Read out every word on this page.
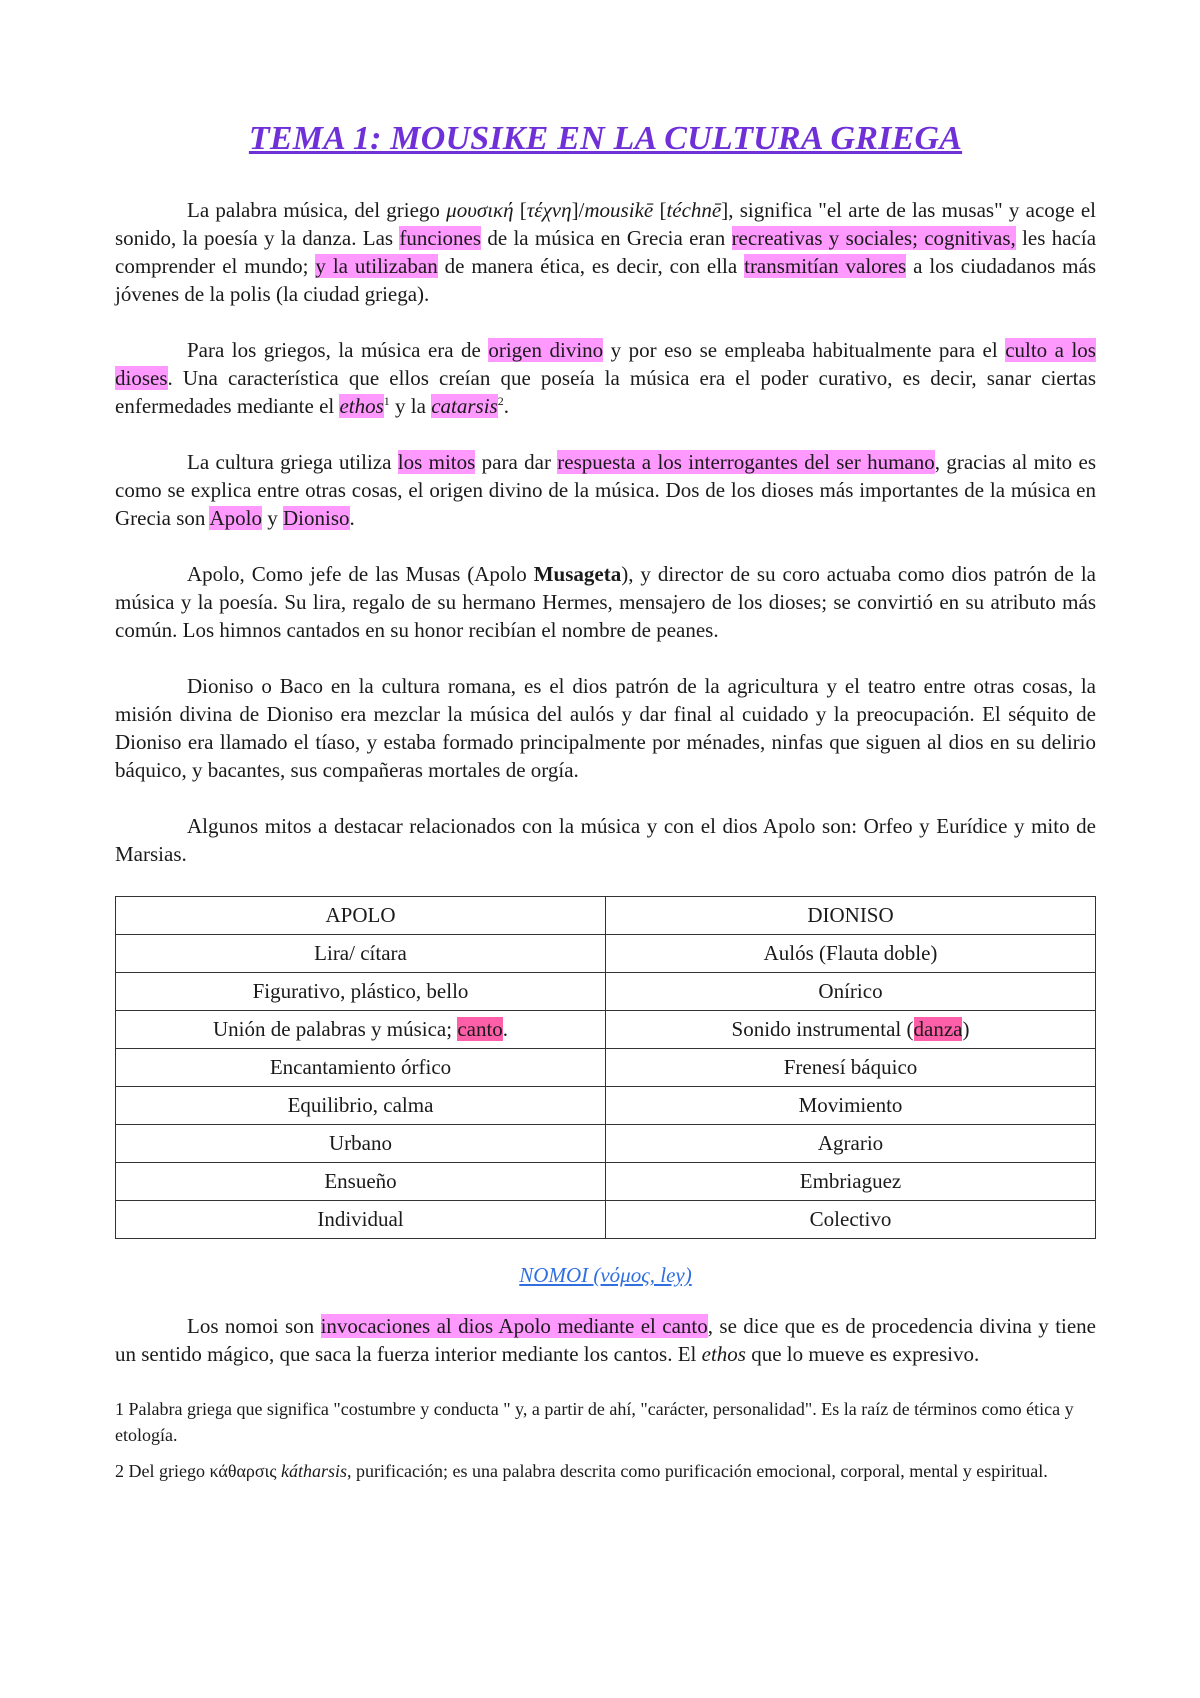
TEMA 1: MOUSIKE EN LA CULTURA GRIEGA

La palabra música, del griego μουσική [τέχνη]/mousikē [téchnē], significa "el arte de las musas" y acoge el sonido, la poesía y la danza. Las funciones de la música en Grecia eran recreativas y sociales; cognitivas, les hacía comprender el mundo; y la utilizaban de manera ética, es decir, con ella transmitían valores a los ciudadanos más jóvenes de la polis (la ciudad griega).

Para los griegos, la música era de origen divino y por eso se empleaba habitualmente para el culto a los dioses. Una característica que ellos creían que poseía la música era el poder curativo, es decir, sanar ciertas enfermedades mediante el ethos$^1$ y la catarsis$^2$.

La cultura griega utiliza los mitos para dar respuesta a los interrogantes del ser humano, gracias al mito es como se explica entre otras cosas, el origen divino de la música. Dos de los dioses más importantes de la música en Grecia son Apolo y Dioniso.

Apolo, Como jefe de las Musas (Apolo Musageta), y director de su coro actuaba como dios patrón de la música y la poesía. Su lira, regalo de su hermano Hermes, mensajero de los dioses; se convirtió en su atributo más común. Los himnos cantados en su honor recibían el nombre de peanes.

Dioniso o Baco en la cultura romana, es el dios patrón de la agricultura y el teatro entre otras cosas, la misión divina de Dioniso era mezclar la música del aulós y dar final al cuidado y la preocupación. El séquito de Dioniso era llamado el tíaso, y estaba formado principalmente por ménades, ninfas que siguen al dios en su delirio báquico, y bacantes, sus compañeras mortales de orgía.

Algunos mitos a destacar relacionados con la música y con el dios Apolo son: Orfeo y Eurídice y mito de Marsias.

APOLO	DIONISO
Lira/ cítara	Aulós (Flauta doble)
Figurativo, plástico, bello	Onírico
Unión de palabras y música; canto.	Sonido instrumental (danza)
Encantamiento órfico	Frenesí báquico
Equilibrio, calma	Movimiento
Urbano	Agrario
Ensueño	Embriaguez
Individual	Colectivo
NOMOI (νόμος, ley)

Los nomoi son invocaciones al dios Apolo mediante el canto, se dice que es de procedencia divina y tiene un sentido mágico, que saca la fuerza interior mediante los cantos. El ethos que lo mueve es expresivo.

1 Palabra griega que significa "costumbre y conducta " y, a partir de ahí, "carácter, personalidad". Es la raíz de términos como ética y etología.

2 Del griego κάθαρσις kátharsis, purificación; es una palabra descrita como purificación emocional, corporal, mental y espiritual.
